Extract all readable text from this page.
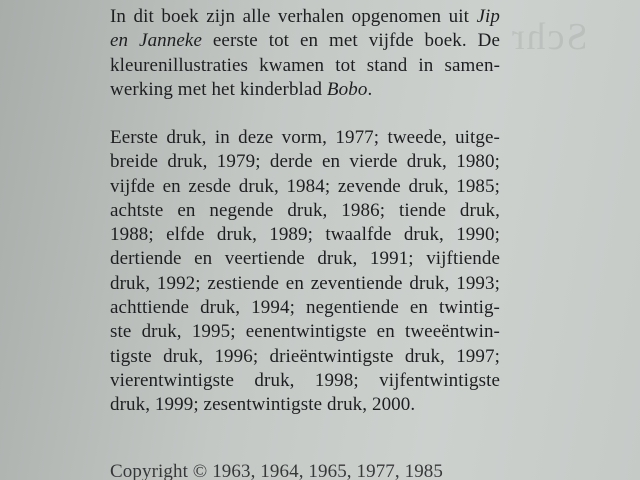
Schr
In dit boek zijn alle verhalen opgenomen uit Jip
en Janneke eerste tot en met vijfde boek. De
kleurenillustraties kwamen tot stand in samen-
werking met het kinderblad Bobo.
Eerste druk, in deze vorm, 1977; tweede, uitge-
breide druk, 1979; derde en vierde druk, 1980;
vijfde en zesde druk, 1984; zevende druk, 1985;
achtste en negende druk, 1986; tiende druk,
1988; elfde druk, 1989; twaalfde druk, 1990;
dertiende en veertiende druk, 1991; vijftiende
druk, 1992; zestiende en zeventiende druk, 1993;
achttiende druk, 1994; negentiende en twintig-
ste druk, 1995; eenentwintigste en tweeëntwin-
tigste druk, 1996; drieëntwintigste druk, 1997;
vierentwintigste druk, 1998; vijfentwintigste
druk, 1999; zesentwintigste druk, 2000.
Copyright © 1963, 1964, 1965, 1977, 1985
